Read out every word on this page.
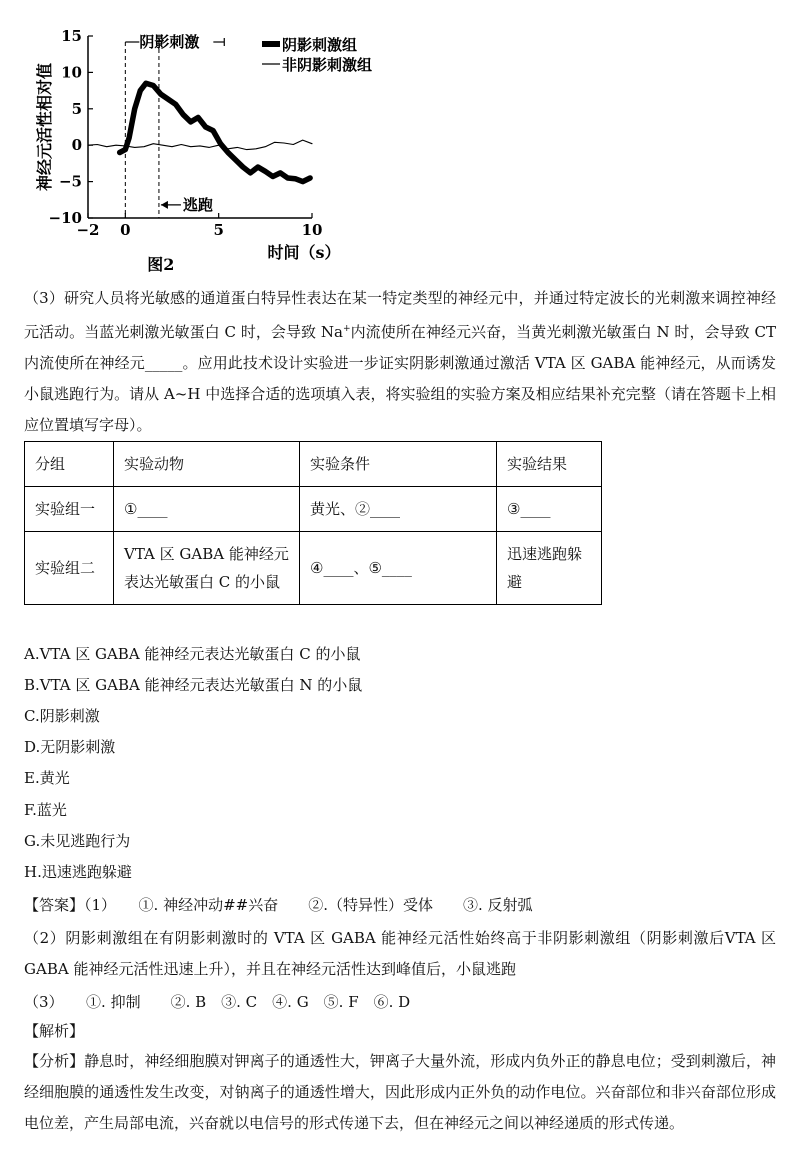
15
10
5
0
−5
−10
−2 0	5	10
神经元活性相对值
时间（s）
图2
阴影刺激
逃跑
阴影刺激组
非阴影刺激组
（3）研究人员将光敏感的通道蛋白特异性表达在某一特定类型的神经元中，并通过特定波长的光刺激来调控神经元活动。当蓝光刺激光敏蛋白 C 时，会导致 Na+内流使所在神经元兴奋，当黄光刺激光敏蛋白 N 时，会导致 CT 内流使所在神经元_____。应用此技术设计实验进一步证实阴影刺激通过激活 VTA 区 GABA 能神经元，从而诱发小鼠逃跑行为。请从 A~H 中选择合适的选项填入表，将实验组的实验方案及相应结果补充完整（请在答题卡上相应位置填写字母）。
分组	实验动物	实验条件	实验结果
实验组一	①____	黄光、②____	③____
实验组二	VTA 区 GABA 能神经元表达光敏蛋白 C 的小鼠	④____、⑤____	迅速逃跑躲避
A.VTA 区 GABA 能神经元表达光敏蛋白 C 的小鼠
B.VTA 区 GABA 能神经元表达光敏蛋白 N 的小鼠
C.阴影刺激
D.无阴影刺激
E.黄光
F.蓝光
G.未见逃跑行为
H.迅速逃跑躲避
【答案】（1）　　①. 神经冲动##兴奋　　②.（特异性）受体　　③. 反射弧
（2）阴影刺激组在有阴影刺激时的 VTA 区 GABA 能神经元活性始终高于非阴影刺激组（阴影刺激后VTA 区 GABA 能神经元活性迅速上升），并且在神经元活性达到峰值后，小鼠逃跑
（3）　　①. 抑制　　②. B　③. C　④. G　⑤. F　⑥. D
【解析】
【分析】静息时，神经细胞膜对钾离子的通透性大，钾离子大量外流，形成内负外正的静息电位；受到刺激后，神经细胞膜的通透性发生改变，对钠离子的通透性增大，因此形成内正外负的动作电位。兴奋部位和非兴奋部位形成电位差，产生局部电流，兴奋就以电信号的形式传递下去，但在神经元之间以神经递质的形式传递。
